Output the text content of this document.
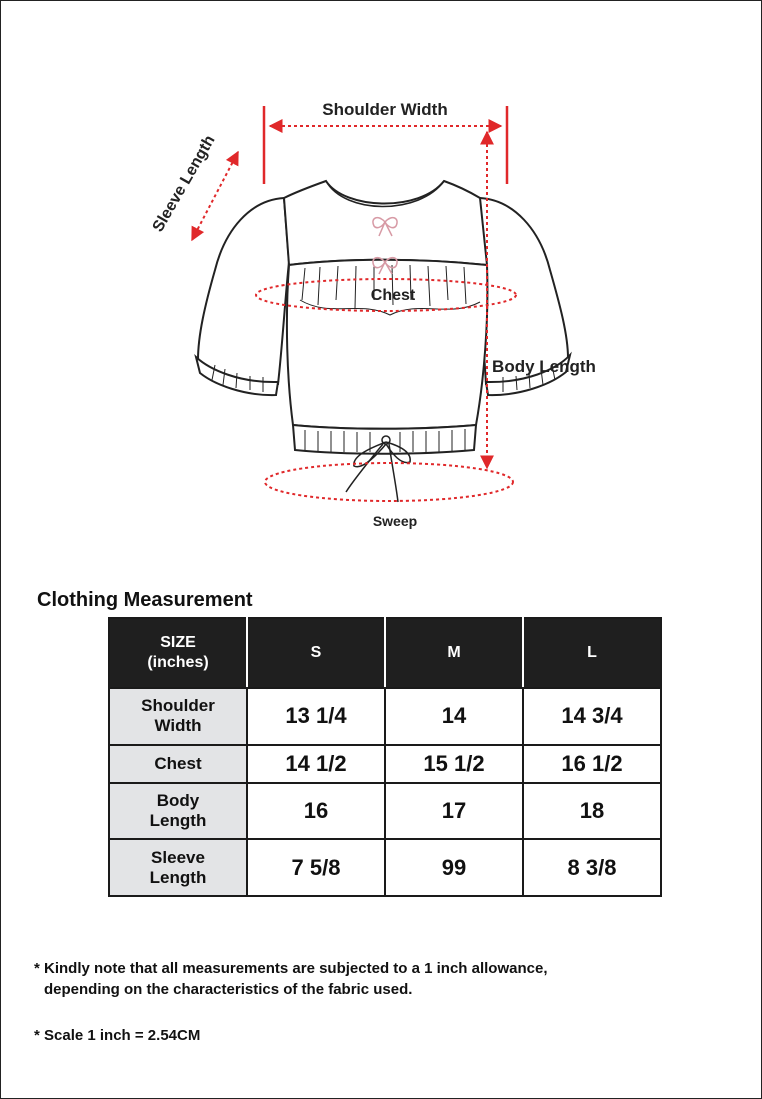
Shoulder Width
Sleeve Length
Chest
Body Length
Sweep
Clothing Measurement
SIZE
(inches)	S	M	L
Shoulder
Width	13 1/4	14	14 3/4
Chest	14 1/2	15 1/2	16 1/2
Body
Length	16	17	18
Sleeve
Length	7 5/8	99	8 3/8
* Kindly note that all measurements are subjected to a 1 inch allowance,
depending on the characteristics of the fabric used.
* Scale 1 inch = 2.54CM
